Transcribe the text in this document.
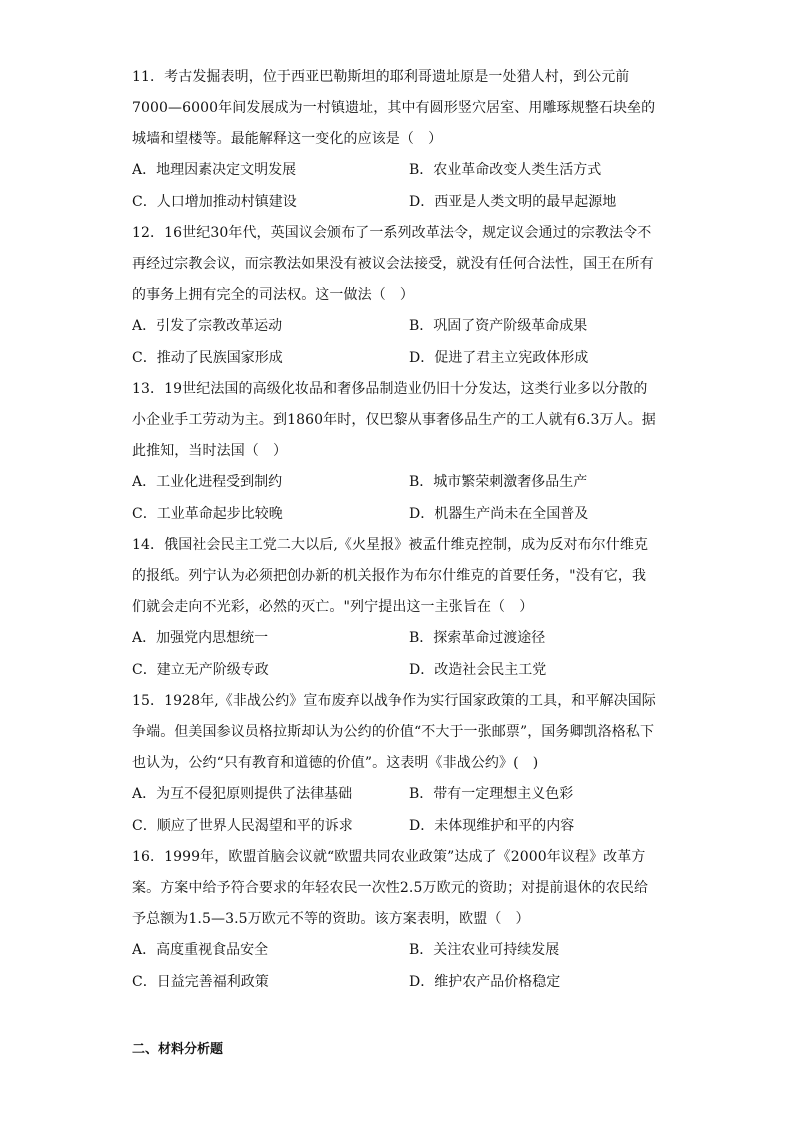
11．考古发掘表明，位于西亚巴勒斯坦的耶利哥遗址原是一处猎人村，到公元前7000—6000年间发展成为一村镇遗址，其中有圆形竖穴居室、用雕琢规整石块垒的城墙和望楼等。最能解释这一变化的应该是（　）

A．地理因素决定文明发展	B．农业革命改变人类生活方式
C．人口增加推动村镇建设	D．西亚是人类文明的最早起源地

12．16世纪30年代，英国议会颁布了一系列改革法令，规定议会通过的宗教法令不再经过宗教会议，而宗教法如果没有被议会法接受，就没有任何合法性，国王在所有的事务上拥有完全的司法权。这一做法（　）

A．引发了宗教改革运动	B．巩固了资产阶级革命成果
C．推动了民族国家形成	D．促进了君主立宪政体形成

13．19世纪法国的高级化妆品和奢侈品制造业仍旧十分发达，这类行业多以分散的小企业手工劳动为主。到1860年时，仅巴黎从事奢侈品生产的工人就有6.3万人。据此推知，当时法国（　）

A．工业化进程受到制约	B．城市繁荣刺激奢侈品生产
C．工业革命起步比较晚	D．机器生产尚未在全国普及

14．俄国社会民主工党二大以后,《火星报》被孟什维克控制，成为反对布尔什维克的报纸。列宁认为必须把创办新的机关报作为布尔什维克的首要任务，"没有它，我们就会走向不光彩，必然的灭亡。"列宁提出这一主张旨在（　）

A．加强党内思想统一	B．探索革命过渡途径
C．建立无产阶级专政	D．改造社会民主工党

15．1928年,《非战公约》宣布废弃以战争作为实行国家政策的工具，和平解决国际争端。但美国参议员格拉斯却认为公约的价值“不大于一张邮票”，国务卿凯洛格私下也认为，公约“只有教育和道德的价值”。这表明《非战公约》(　)

A．为互不侵犯原则提供了法律基础	B．带有一定理想主义色彩
C．顺应了世界人民渴望和平的诉求	D．未体现维护和平的内容

16．1999年，欧盟首脑会议就“欧盟共同农业政策”达成了《2000年议程》改革方案。方案中给予符合要求的年轻农民一次性2.5万欧元的资助；对提前退休的农民给予总额为1.5—3.5万欧元不等的资助。该方案表明，欧盟（　）

A．高度重视食品安全	B．关注农业可持续发展
C．日益完善福利政策	D．维护农产品价格稳定
二、材料分析题
